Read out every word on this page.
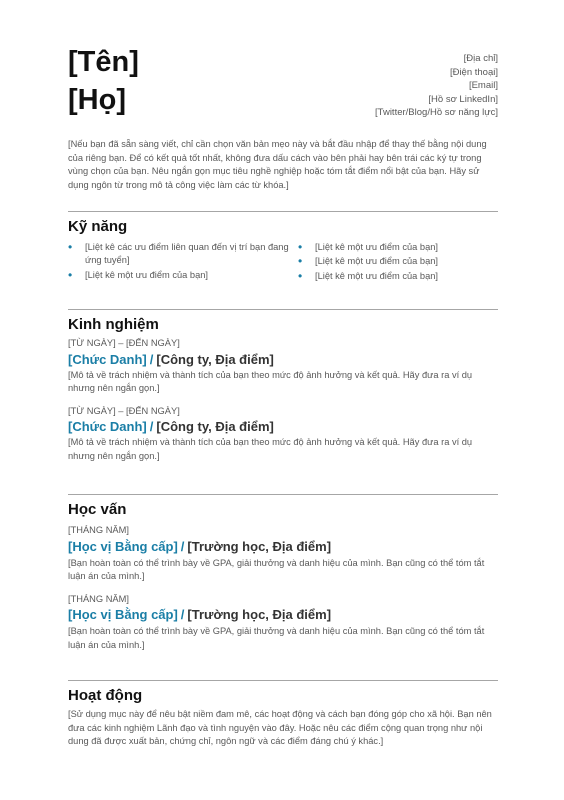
[Tên]
[Họ]
[Địa chỉ]
[Điện thoại]
[Email]
[Hồ sơ LinkedIn]
[Twitter/Blog/Hồ sơ năng lực]
[Nếu bạn đã sẵn sàng viết, chỉ cần chọn văn bản mẹo này và bắt đầu nhập để thay thế bằng nội dung của riêng bạn. Để có kết quả tốt nhất, không đưa dấu cách vào bên phải hay bên trái các ký tự trong vùng chọn của bạn. Nêu ngắn gọn mục tiêu nghề nghiệp hoặc tóm tắt điểm nổi bật của bạn. Hãy sử dụng ngôn từ trong mô tả công việc làm các từ khóa.]
Kỹ năng
• [Liệt kê các ưu điểm liên quan đến vị trí bạn đang ứng tuyển]
• [Liệt kê một ưu điểm của bạn]
• [Liệt kê một ưu điểm của bạn]
• [Liệt kê một ưu điểm của bạn]
• [Liệt kê một ưu điểm của bạn]
Kinh nghiệm
[TỪ NGÀY] – [ĐẾN NGÀY]
[Chức Danh] / [Công ty, Địa điểm]
[Mô tả về trách nhiệm và thành tích của bạn theo mức độ ảnh hưởng và kết quả. Hãy đưa ra ví dụ nhưng nên ngắn gọn.]
[TỪ NGÀY] – [ĐẾN NGÀY]
[Chức Danh] / [Công ty, Địa điểm]
[Mô tả về trách nhiệm và thành tích của bạn theo mức độ ảnh hưởng và kết quả. Hãy đưa ra ví dụ nhưng nên ngắn gọn.]
Học vấn
[THÁNG NĂM]
[Học vị Bằng cấp] / [Trường học, Địa điểm]
[Bạn hoàn toàn có thể trình bày về GPA, giải thưởng và danh hiệu của mình. Bạn cũng có thể tóm tắt luận án của mình.]
[THÁNG NĂM]
[Học vị Bằng cấp] / [Trường học, Địa điểm]
[Bạn hoàn toàn có thể trình bày về GPA, giải thưởng và danh hiệu của mình. Bạn cũng có thể tóm tắt luận án của mình.]
Hoạt động
[Sử dụng mục này để nêu bật niềm đam mê, các hoạt động và cách bạn đóng góp cho xã hội. Bạn nên đưa các kinh nghiệm Lãnh đạo và tình nguyện vào đây. Hoặc nêu các điểm cộng quan trọng như nội dung đã được xuất bản, chứng chỉ, ngôn ngữ và các điểm đáng chú ý khác.]
